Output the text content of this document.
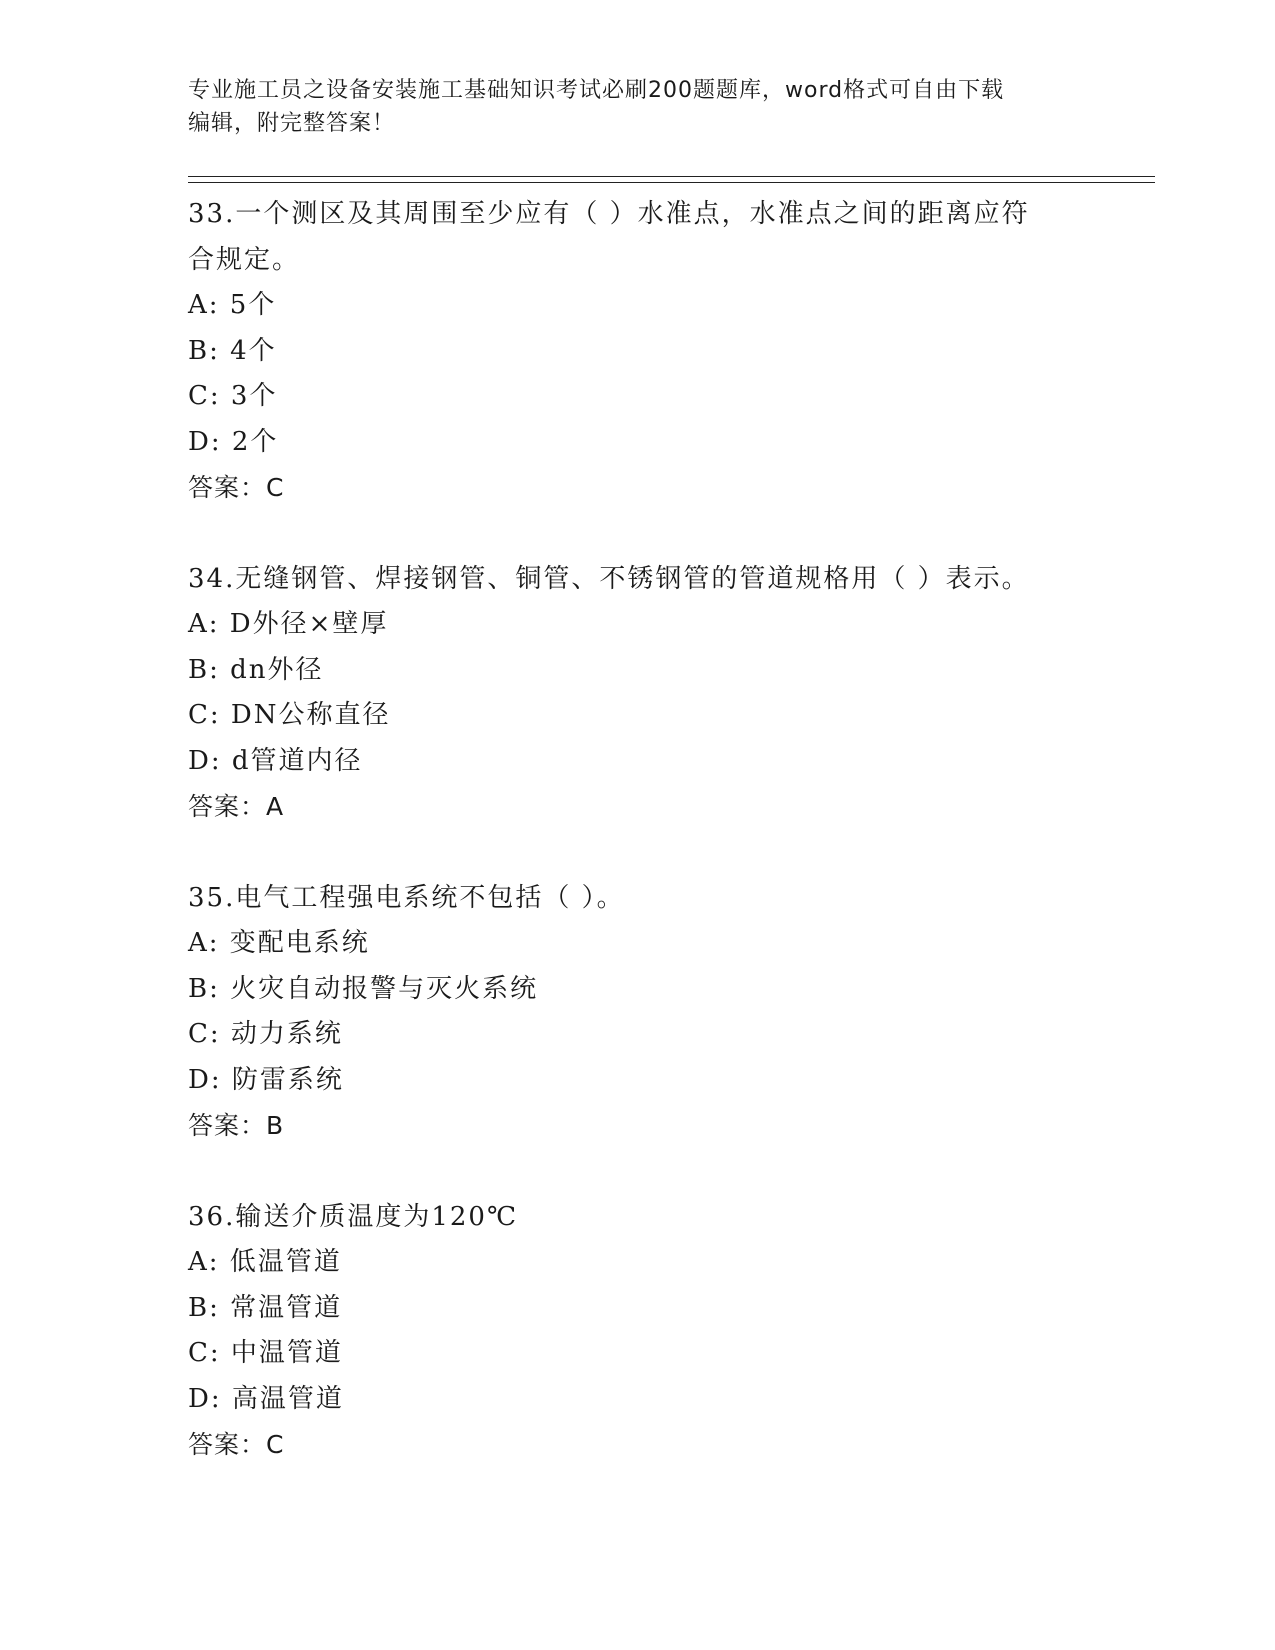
专业施工员之设备安装施工基础知识考试必刷200题题库，word格式可自由下载
编辑，附完整答案！
33.一个测区及其周围至少应有（ ）水准点，水准点之间的距离应符
合规定。
A: 5个
B: 4个
C: 3个
D: 2个
答案：C
34.无缝钢管、焊接钢管、铜管、不锈钢管的管道规格用（ ）表示。
A: D外径×壁厚
B: dn外径
C: DN公称直径
D: d管道内径
答案：A
35.电气工程强电系统不包括（ ）。
A: 变配电系统
B: 火灾自动报警与灭火系统
C: 动力系统
D: 防雷系统
答案：B
36.输送介质温度为120℃
A: 低温管道
B: 常温管道
C: 中温管道
D: 高温管道
答案：C
